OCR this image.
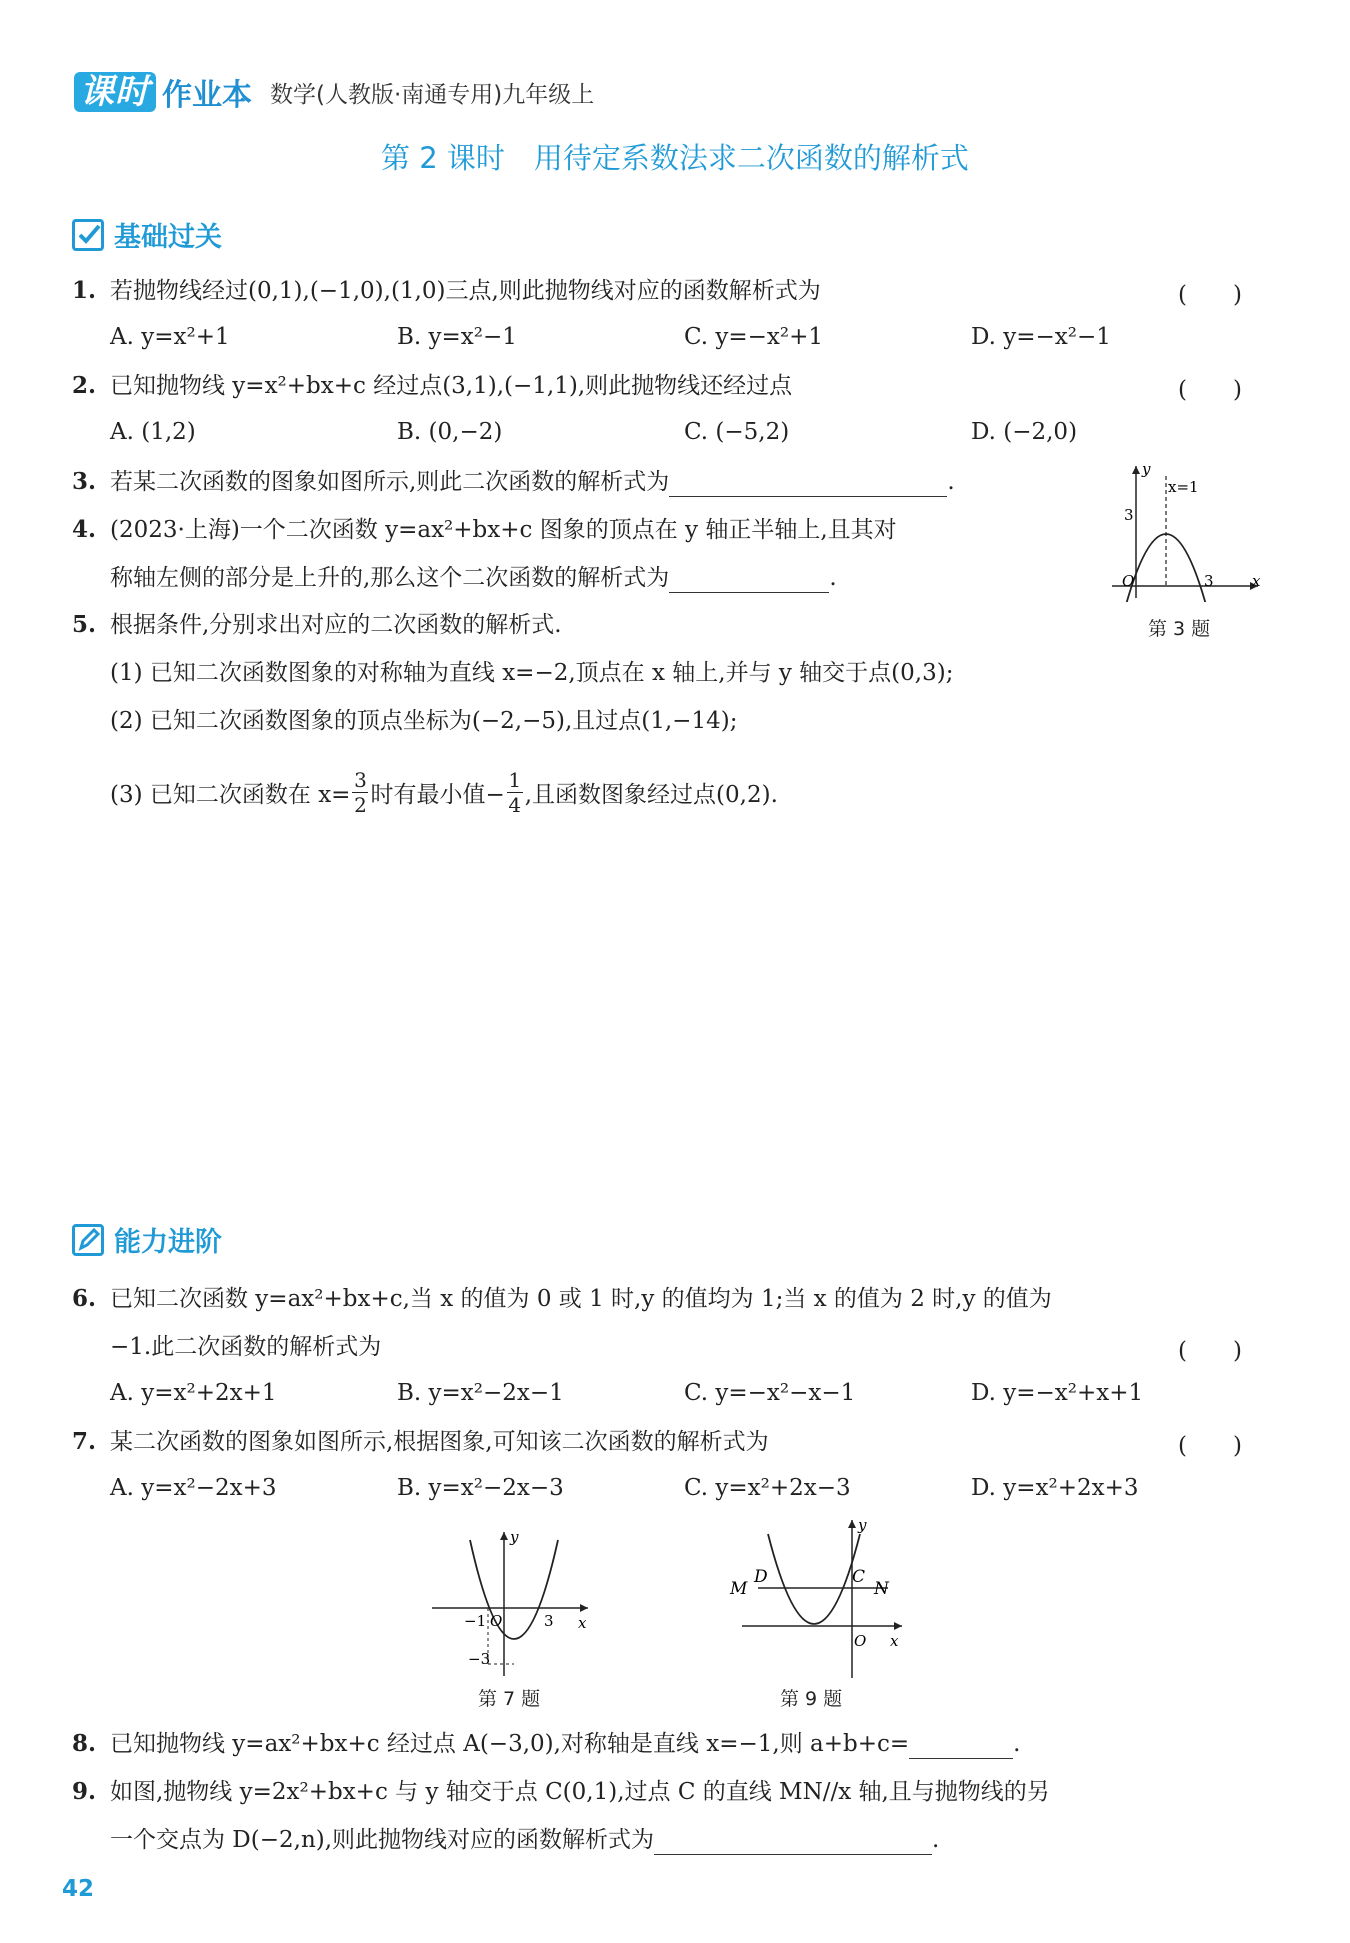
课时 作业本 数学(人教版·南通专用)九年级上
第 2 课时　用待定系数法求二次函数的解析式
基础过关
1. 若抛物线经过(0,1),(−1,0),(1,0)三点,则此抛物线对应的函数解析式为	(　　)
A. y=x²+1	B. y=x²−1	C. y=−x²+1	D. y=−x²−1
2. 已知抛物线 y=x²+bx+c 经过点(3,1),(−1,1),则此抛物线还经过点	(　　)
A. (1,2)	B. (0,−2)	C. (−5,2)	D. (−2,0)
3. 若某二次函数的图象如图所示,则此二次函数的解析式为	.
4. (2023·上海)一个二次函数 y=ax²+bx+c 图象的顶点在 y 轴正半轴上,且其对
称轴左侧的部分是上升的,那么这个二次函数的解析式为	.
y
x
x=1
3
3
O
第 3 题
5. 根据条件,分别求出对应的二次函数的解析式.
(1) 已知二次函数图象的对称轴为直线 x=−2,顶点在 x 轴上,并与 y 轴交于点(0,3);
(2) 已知二次函数图象的顶点坐标为(−2,−5),且过点(1,−14);
(3) 已知二次函数在 x=
3
2 时有最小值−
1
4 ,且函数图象经过点(0,2).
能力进阶
6. 已知二次函数 y=ax²+bx+c,当 x 的值为 0 或 1 时,y 的值均为 1;当 x 的值为 2 时,y 的值为
−1.此二次函数的解析式为	(　　)
A. y=x²+2x+1	B. y=x²−2x−1	C. y=−x²−x−1	D. y=−x²+x+1
7. 某二次函数的图象如图所示,根据图象,可知该二次函数的解析式为	(　　)
A. y=x²−2x+3	B. y=x²−2x−3	C. y=x²+2x−3	D. y=x²+2x+3
y
x
−1 O	3
−3
第 7 题
y
x
M
D	C
N
O
第 9 题
8. 已知抛物线 y=ax²+bx+c 经过点 A(−3,0),对称轴是直线 x=−1,则 a+b+c=	.
9. 如图,抛物线 y=2x²+bx+c 与 y 轴交于点 C(0,1),过点 C 的直线 MN//x 轴,且与抛物线的另
一个交点为 D(−2,n),则此抛物线对应的函数解析式为	.
42
